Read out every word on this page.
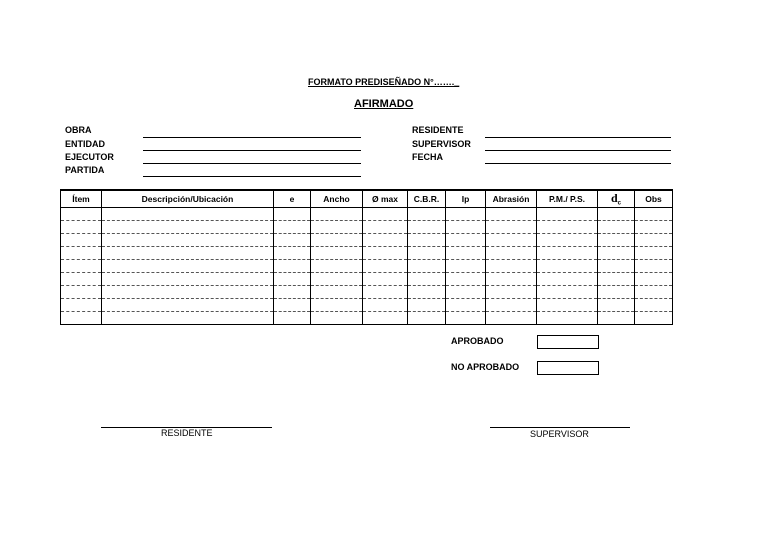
FORMATO PREDISEÑADO N°……._
AFIRMADO
OBRA
ENTIDAD
EJECUTOR
PARTIDA
RESIDENTE
SUPERVISOR
FECHA
Ítem	Descripción/Ubicación	e	Ancho	Ø max	C.B.R.	Ip	Abrasión	P.M./ P.S.	$d_c$	Obs

APROBADO
NO APROBADO
RESIDENTE	SUPERVISOR
